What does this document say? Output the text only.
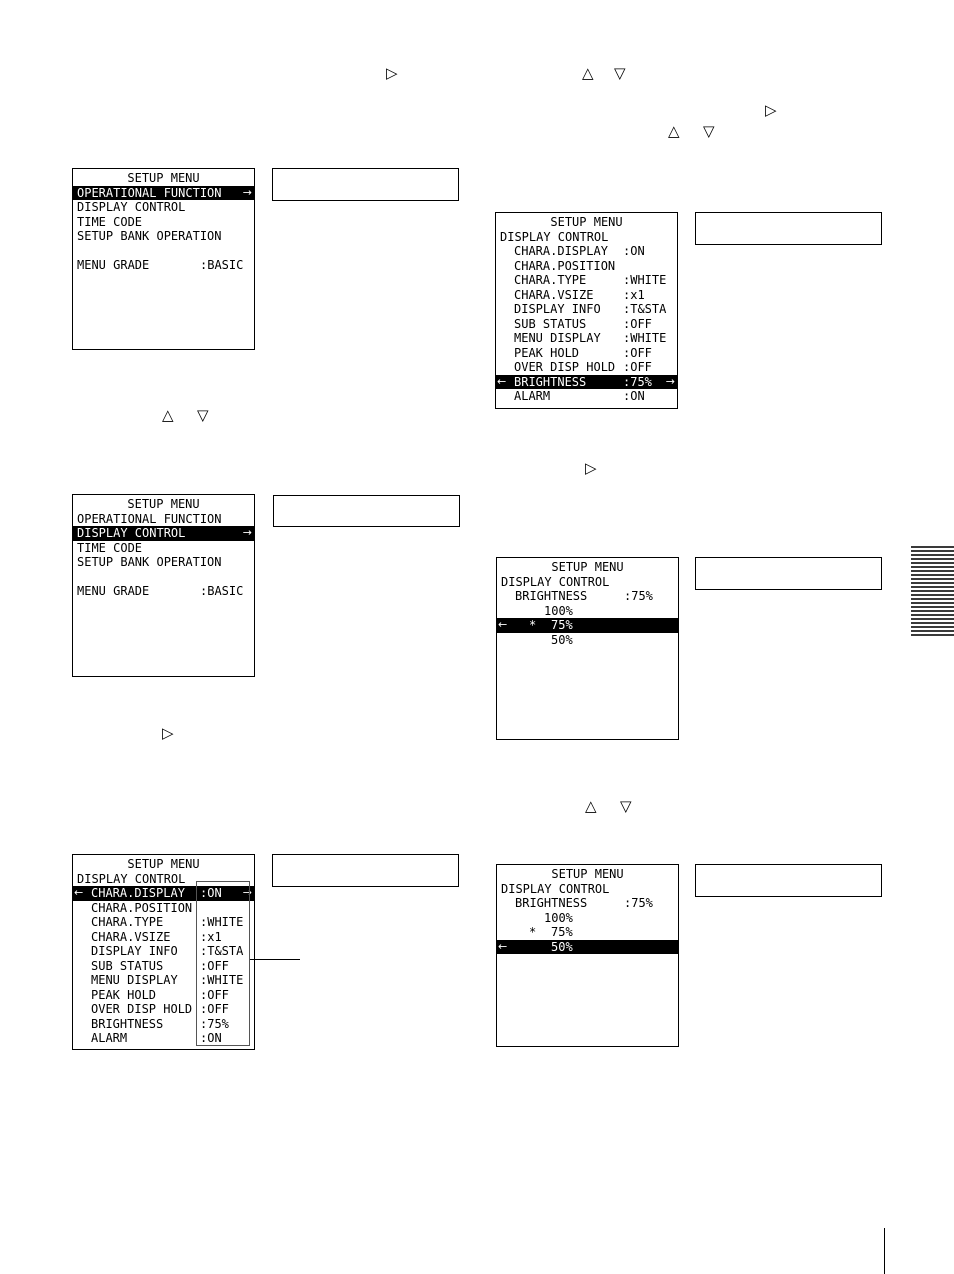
▷	△ ▽
▷
△ ▽
△ ▽
▷
▷
△ ▽
SETUP MENU
OPERATIONAL FUNCTION →
DISPLAY CONTROL
TIME CODE
SETUP BANK OPERATION
MENU GRADE	:BASIC
SETUP MENU
OPERATIONAL FUNCTION
DISPLAY CONTROL	→
TIME CODE
SETUP BANK OPERATION
MENU GRADE	:BASIC
SETUP MENU
DISPLAY CONTROL
← CHARA.DISPLAY :ON →
CHARA.POSITION
CHARA.TYPE	:WHITE
CHARA.VSIZE :x1
DISPLAY INFO :T&STA
SUB STATUS	:OFF
MENU DISPLAY :WHITE
PEAK HOLD	:OFF
OVER DISP HOLD :OFF
BRIGHTNESS	:75%
ALARM	:ON
SETUP MENU
DISPLAY CONTROL
CHARA.DISPLAY :ON
CHARA.POSITION
CHARA.TYPE	:WHITE
CHARA.VSIZE :x1
DISPLAY INFO :T&STA
SUB STATUS	:OFF
MENU DISPLAY :WHITE
PEAK HOLD	:OFF
OVER DISP HOLD :OFF
← BRIGHTNESS	:75% →
ALARM	:ON
SETUP MENU
DISPLAY CONTROL
BRIGHTNESS	:75%
100%
← * 75%
50%
SETUP MENU
DISPLAY CONTROL
BRIGHTNESS	:75%
100%
* 75%
←	50%
